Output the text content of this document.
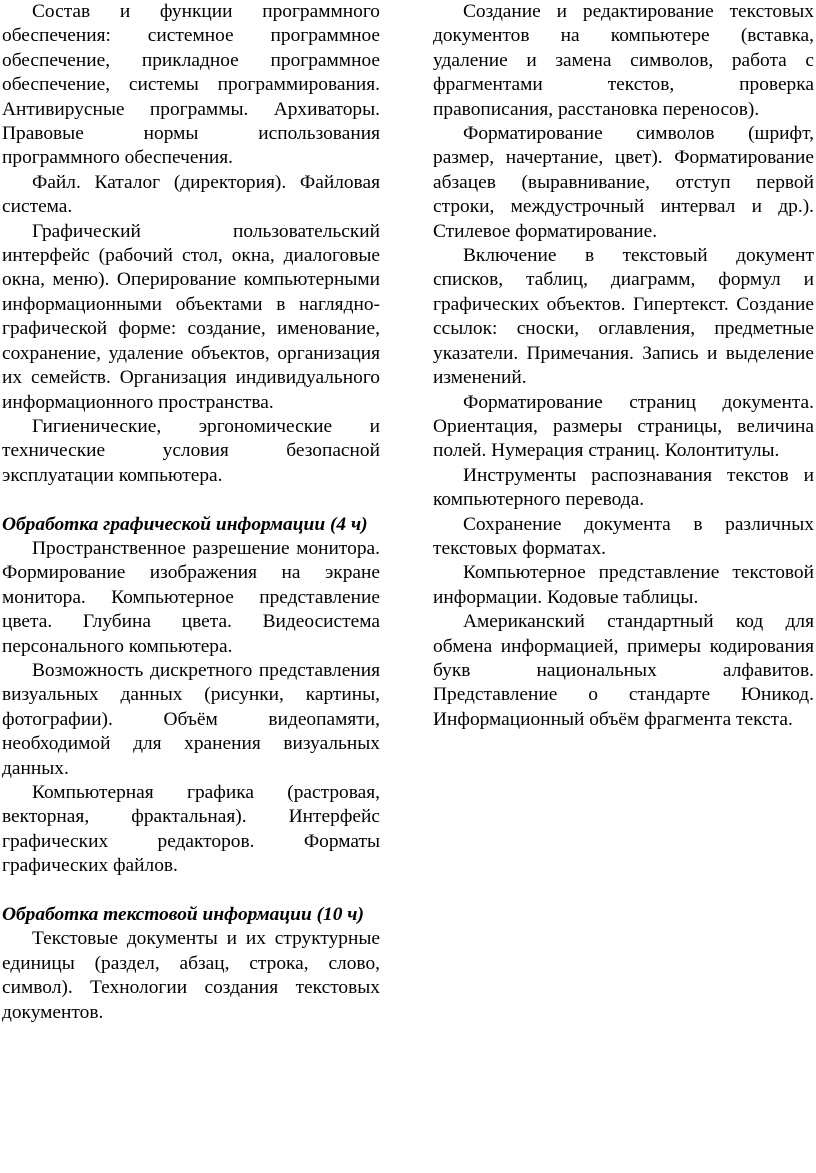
Состав и функции программного обеспечения: системное программное обеспечение, прикладное программное обеспечение, системы программирования. Антивирусные программы. Архиваторы. Правовые нормы использования программного обеспечения.

Файл. Каталог (директория). Файловая система.

Графический пользовательский интерфейс (рабочий стол, окна, диалоговые окна, меню). Оперирование компьютерными информационными объектами в наглядно-графической форме: создание, именование, сохранение, удаление объектов, организация их семейств. Организация индивидуального информационного пространства.

Гигиенические, эргономические и технические условия безопасной эксплуатации компьютера.

Обработка графической информации (4 ч)

Пространственное разрешение монитора. Формирование изображения на экране монитора. Компьютерное представление цвета. Глубина цвета. Видеосистема персонального компьютера.

Возможность дискретного представления визуальных данных (рисунки, картины, фотографии). Объём видеопамяти, необходимой для хранения визуальных данных.

Компьютерная графика (растровая, векторная, фрактальная). Интерфейс графических редакторов. Форматы графических файлов.

Обработка текстовой информации (10 ч)

Текстовые документы и их структурные единицы (раздел, абзац, строка, слово, символ). Технологии создания текстовых документов.

Создание и редактирование текстовых документов на компьютере (вставка, удаление и замена символов, работа с фрагментами текстов, проверка правописания, расстановка переносов).

Форматирование символов (шрифт, размер, начертание, цвет). Форматирование абзацев (выравнивание, отступ первой строки, междустрочный интервал и др.). Стилевое форматирование.

Включение в текстовый документ списков, таблиц, диаграмм, формул и графических объектов. Гипертекст. Создание ссылок: сноски, оглавления, предметные указатели. Примечания. Запись и выделение изменений.

Форматирование страниц документа. Ориентация, размеры страницы, величина полей. Нумерация страниц. Колонтитулы.

Инструменты распознавания текстов и компьютерного перевода.

Сохранение документа в различных текстовых форматах.

Компьютерное представление текстовой информации. Кодовые таблицы.

Американский стандартный код для обмена информацией, примеры кодирования букв национальных алфавитов. Представление о стандарте Юникод. Информационный объём фрагмента текста.
